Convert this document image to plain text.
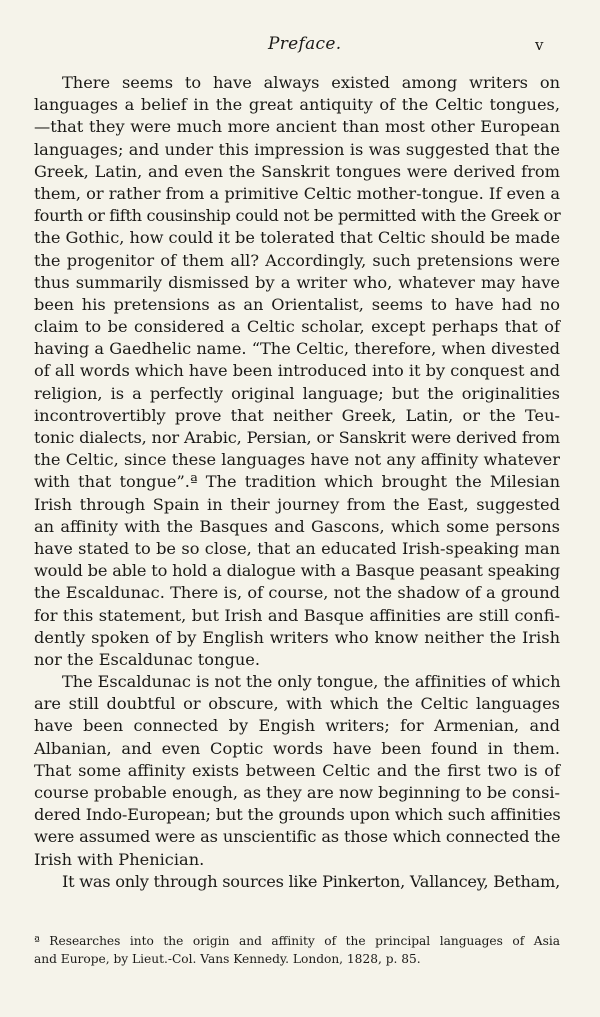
Preface.	v
There seems to have always existed among writers on
languages a belief in the great antiquity of the Celtic tongues,
—that they were much more ancient than most other European
languages; and under this impression is was suggested that the
Greek, Latin, and even the Sanskrit tongues were derived from
them, or rather from a primitive Celtic mother-tongue. If even a
fourth or fifth cousinship could not be permitted with the Greek or
the Gothic, how could it be tolerated that Celtic should be made
the progenitor of them all? Accordingly, such pretensions were
thus summarily dismissed by a writer who, whatever may have
been his pretensions as an Orientalist, seems to have had no
claim to be considered a Celtic scholar, except perhaps that of
having a Gaedhelic name. “The Celtic, therefore, when divested
of all words which have been introduced into it by conquest and
religion, is a perfectly original language; but the originalities
incontrovertibly prove that neither Greek, Latin, or the Teu-
tonic dialects, nor Arabic, Persian, or Sanskrit were derived from
the Celtic, since these languages have not any affinity whatever
with that tongue”.ª The tradition which brought the Milesian
Irish through Spain in their journey from the East, suggested
an affinity with the Basques and Gascons, which some persons
have stated to be so close, that an educated Irish-speaking man
would be able to hold a dialogue with a Basque peasant speaking
the Escaldunac. There is, of course, not the shadow of a ground
for this statement, but Irish and Basque affinities are still confi-
dently spoken of by English writers who know neither the Irish
nor the Escaldunac tongue.
The Escaldunac is not the only tongue, the affinities of which
are still doubtful or obscure, with which the Celtic languages
have been connected by Engish writers; for Armenian, and
Albanian, and even Coptic words have been found in them.
That some affinity exists between Celtic and the first two is of
course probable enough, as they are now beginning to be consi-
dered Indo-European; but the grounds upon which such affinities
were assumed were as unscientific as those which connected the
Irish with Phenician.
It was only through sources like Pinkerton, Vallancey, Betham,
ª Researches into the origin and affinity of the principal languages of Asia
and Europe, by Lieut.-Col. Vans Kennedy. London, 1828, p. 85.
